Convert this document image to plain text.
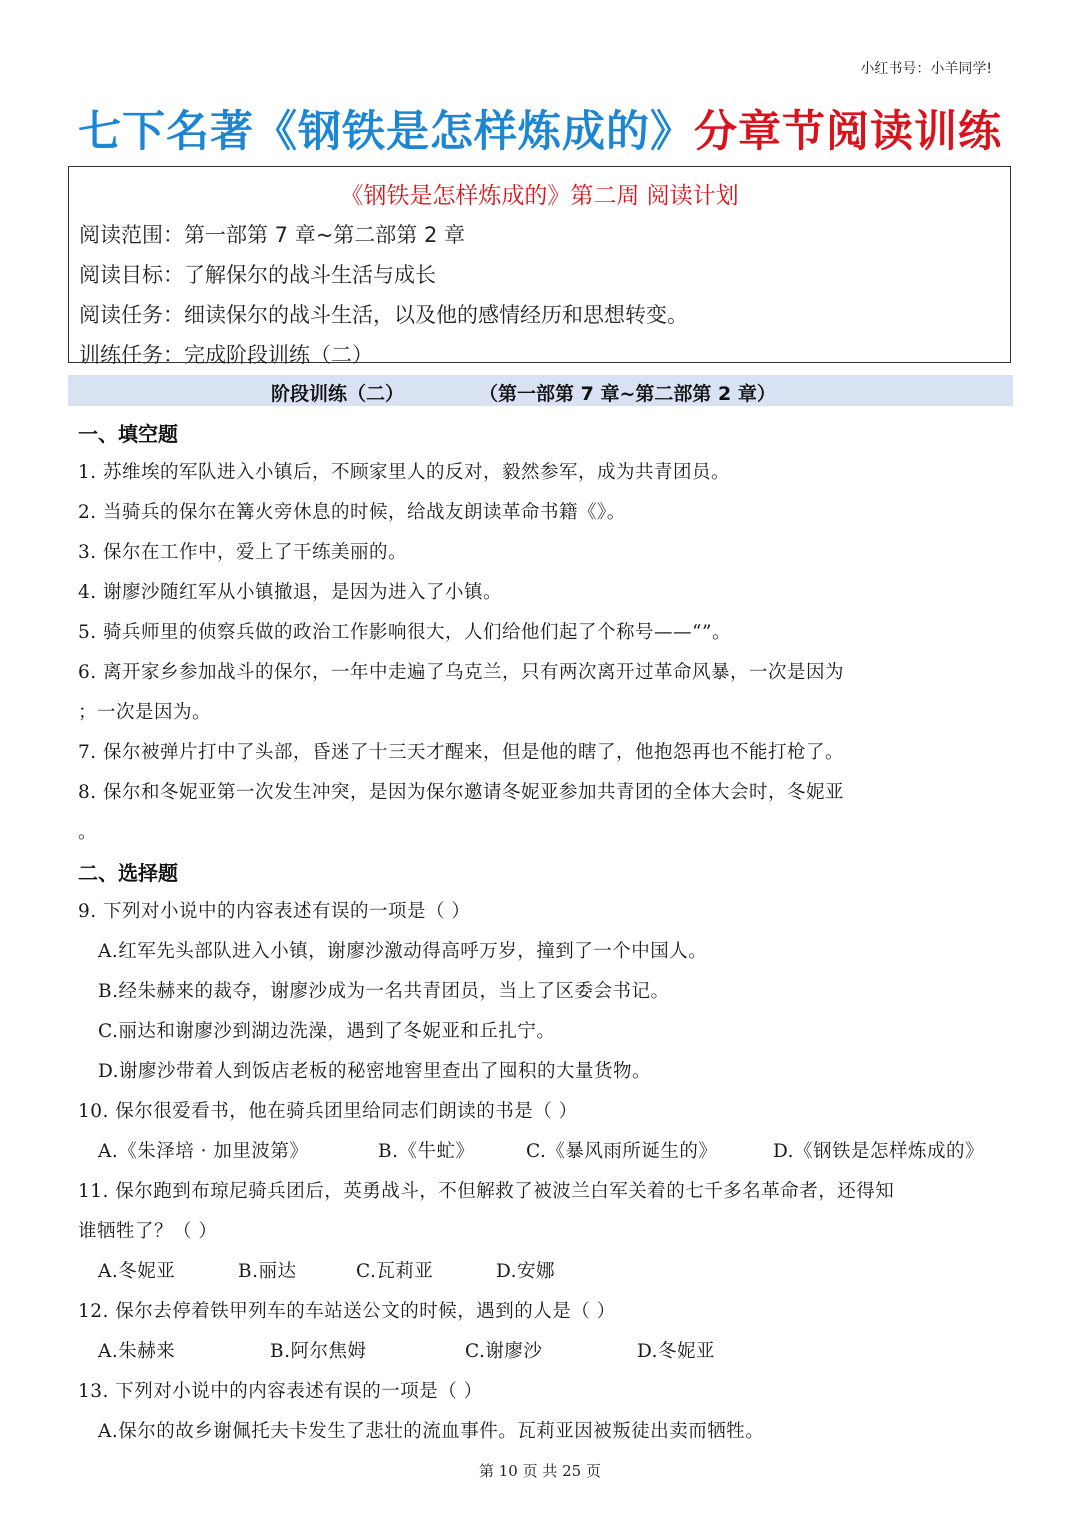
小红书号：小羊同学!
七下名著《钢铁是怎样炼成的》分章节阅读训练
《钢铁是怎样炼成的》第二周 阅读计划
阅读范围：第一部第 7 章~第二部第 2 章
阅读目标：了解保尔的战斗生活与成长
阅读任务：细读保尔的战斗生活，以及他的感情经历和思想转变。
训练任务：完成阶段训练（二）
阶段训练（二）	（第一部第 7 章~第二部第 2 章）
一、填空题
1. 苏维埃的军队进入小镇后，不顾家里人的反对，毅然参军，成为共青团员。
2. 当骑兵的保尔在篝火旁休息的时候，给战友朗读革命书籍《》。
3. 保尔在工作中，爱上了干练美丽的。
4. 谢廖沙随红军从小镇撤退，是因为进入了小镇。
5. 骑兵师里的侦察兵做的政治工作影响很大，人们给他们起了个称号——“”。
6. 离开家乡参加战斗的保尔，一年中走遍了乌克兰，只有两次离开过革命风暴，一次是因为
；一次是因为。
7. 保尔被弹片打中了头部，昏迷了十三天才醒来，但是他的瞎了，他抱怨再也不能打枪了。
8. 保尔和冬妮亚第一次发生冲突，是因为保尔邀请冬妮亚参加共青团的全体大会时，冬妮亚
。
二、选择题
9. 下列对小说中的内容表述有误的一项是（ ）
A.红军先头部队进入小镇，谢廖沙激动得高呼万岁，撞到了一个中国人。
B.经朱赫来的裁夺，谢廖沙成为一名共青团员，当上了区委会书记。
C.丽达和谢廖沙到湖边洗澡，遇到了冬妮亚和丘扎宁。
D.谢廖沙带着人到饭店老板的秘密地窖里查出了囤积的大量货物。
10. 保尔很爱看书，他在骑兵团里给同志们朗读的书是（ ）
A.《朱泽培 · 加里波第》	B.《牛虻》	C.《暴风雨所诞生的》	D.《钢铁是怎样炼成的》
11. 保尔跑到布琼尼骑兵团后，英勇战斗，不但解救了被波兰白军关着的七千多名革命者，还得知
谁牺牲了？（ ）
A.冬妮亚	B.丽达	C.瓦莉亚	D.安娜
12. 保尔去停着铁甲列车的车站送公文的时候，遇到的人是（ ）
A.朱赫来	B.阿尔焦姆	C.谢廖沙	D.冬妮亚
13. 下列对小说中的内容表述有误的一项是（ ）
A.保尔的故乡谢佩托夫卡发生了悲壮的流血事件。瓦莉亚因被叛徒出卖而牺牲。
第 10 页 共 25 页
